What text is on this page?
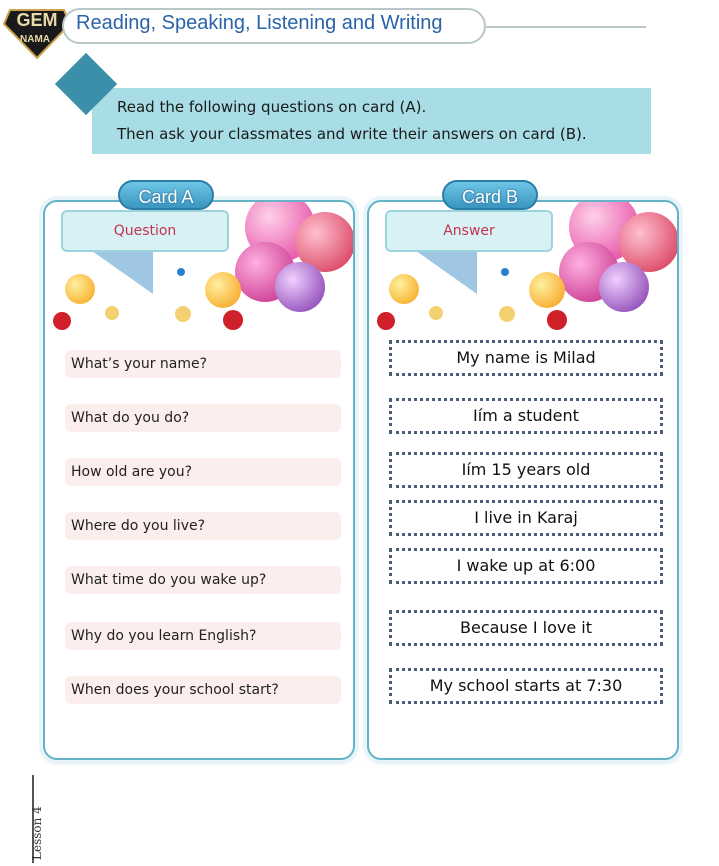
GEM
NAMA
Reading, Speaking, Listening and Writing
Read the following questions on card (A).
Then ask your classmates and write their answers on card (B).
Question
What’s your name?
What do you do?
How old are you?
Where do you live?
What time do you wake up?
Why do you learn English?
When does your school start?
Answer
My name is Milad
Iím a student
Iím 15 years old
I live in Karaj
I wake up at 6:00
Because I love it
My school starts at 7:30
Card A	Card B
Lesson 4
